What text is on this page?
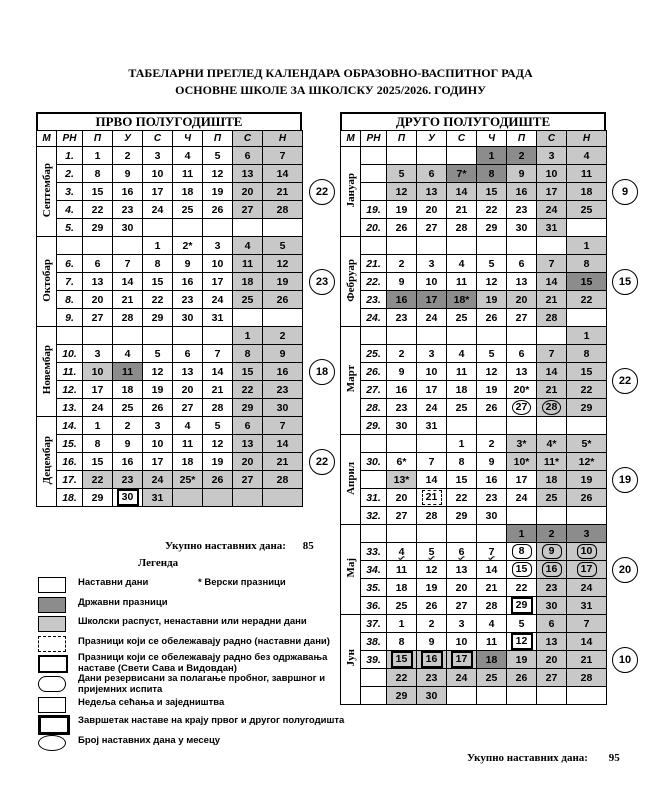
ТАБЕЛАРНИ ПРЕГЛЕД КАЛЕНДАРА ОБРАЗОВНО-ВАСПИТНОГ РАДА
ОСНОВНЕ ШКОЛЕ ЗА ШКОЛСКУ 2025/2026. ГОДИНУ
ПРВО ПОЛУГОДИШТЕ
М	РН	П	У	С	Ч	П	С	Н
Септембар	1.	1	2	3	4	5	6	7
	2.	8	9	10	11	12	13	14
	3.	15	16	17	18	19	20	21
	4.	22	23	24	25	26	27	28
	5.	29	30					
Октобар				1	2*	3	4	5
	6.	6	7	8	9	10	11	12
	7.	13	14	15	16	17	18	19
	8.	20	21	22	23	24	25	26
	9.	27	28	29	30	31		
Новембар							1	2
	10.	3	4	5	6	7	8	9
	11.	10	11	12	13	14	15	16
	12.	17	18	19	20	21	22	23
	13.	24	25	26	27	28	29	30
Децембар	14.	1	2	3	4	5	6	7
	15.	8	9	10	11	12	13	14
	16.	15	16	17	18	19	20	21
	17.	22	23	24	25*	26	27	28
	18.	29	30	31				
ДРУГО ПОЛУГОДИШТЕ
М	РН	П	У	С	Ч	П	С	Н
Јануар					1	2	3	4
		5	6	7*	8	9	10	11
		12	13	14	15	16	17	18
	19.	19	20	21	22	23	24	25
	20.	26	27	28	29	30	31	
Фебруар								1
	21.	2	3	4	5	6	7	8
	22.	9	10	11	12	13	14	15
	23.	16	17	18*	19	20	21	22
	24.	23	24	25	26	27	28	
Март								1
	25.	2	3	4	5	6	7	8
	26.	9	10	11	12	13	14	15
	27.	16	17	18	19	20*	21	22
	28.	23	24	25	26	27	28	29
	29.	30	31					
Април				1	2	3*	4*	5*
	30.	6*	7	8	9	10*	11*	12*
		13*	14	15	16	17	18	19
	31.	20	21	22	23	24	25	26
	32.	27	28	29	30			
Мај						1	2	3
	33.	4	5	6	7	8	9	10
	34.	11	12	13	14	15	16	17
	35.	18	19	20	21	22	23	24
	36.	25	26	27	28	29	30	31
Јун	37.	1	2	3	4	5	6	7
	38.	8	9	10	11	12	13	14
	39.	15	16	17	18	19	20	21
		22	23	24	25	26	27	28
		29	30					
22
23
18
22
9
15
22
19
20
10
Укупно наставних дана: 85
Укупно наставних дана: 95
Легенда
Наставни дани	* Верски празници
Државни празници
Школски распуст, ненаставни или нерадни дани
Празници који се обележавају радно (наставни дани)
Празници који се обележавају радно без одржавања наставе (Свети Сава и Видовдан)
Дани резервисани за полагање пробног, завршног и пријемних испита
Недеља сећања и заједништва
Завршетак наставе на крају првог и другог полугодишта
Број наставних дана у месецу
